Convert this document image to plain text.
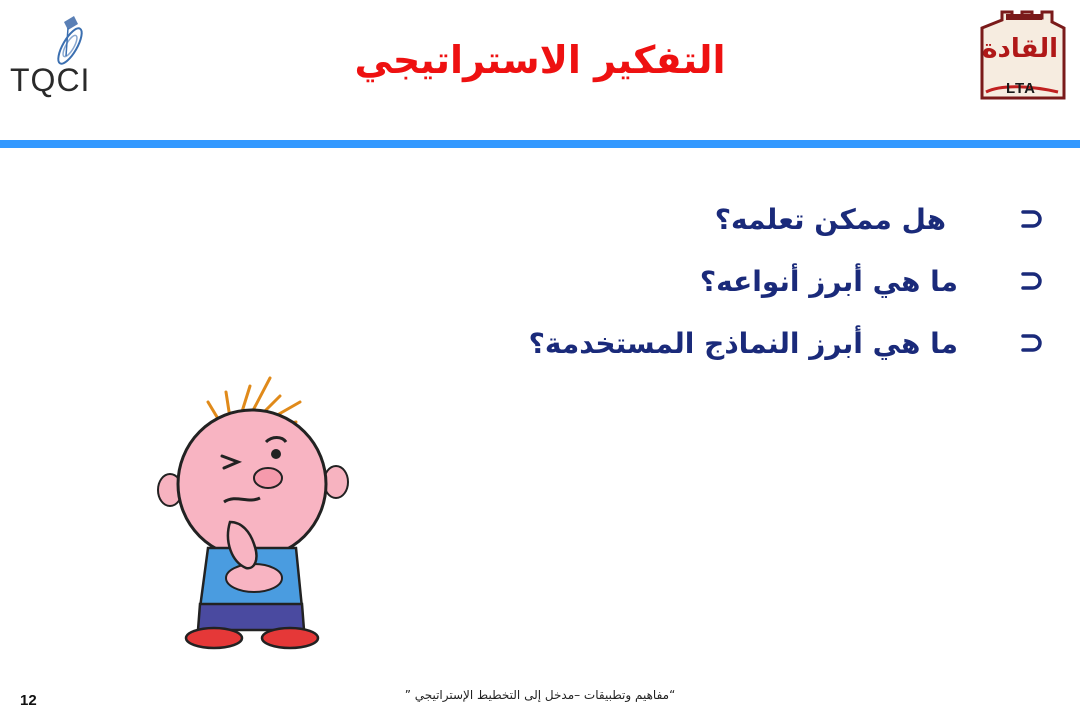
TQCI	التفكير الاستراتيجي	القادة
LTA
هل ممكن تعلمه؟
ما هي أبرز أنواعه؟
ما هي أبرز النماذج المستخدمة؟
“مفاهيم وتطبيقات –مدخل إلى التخطيط الإستراتيجي ”
12
